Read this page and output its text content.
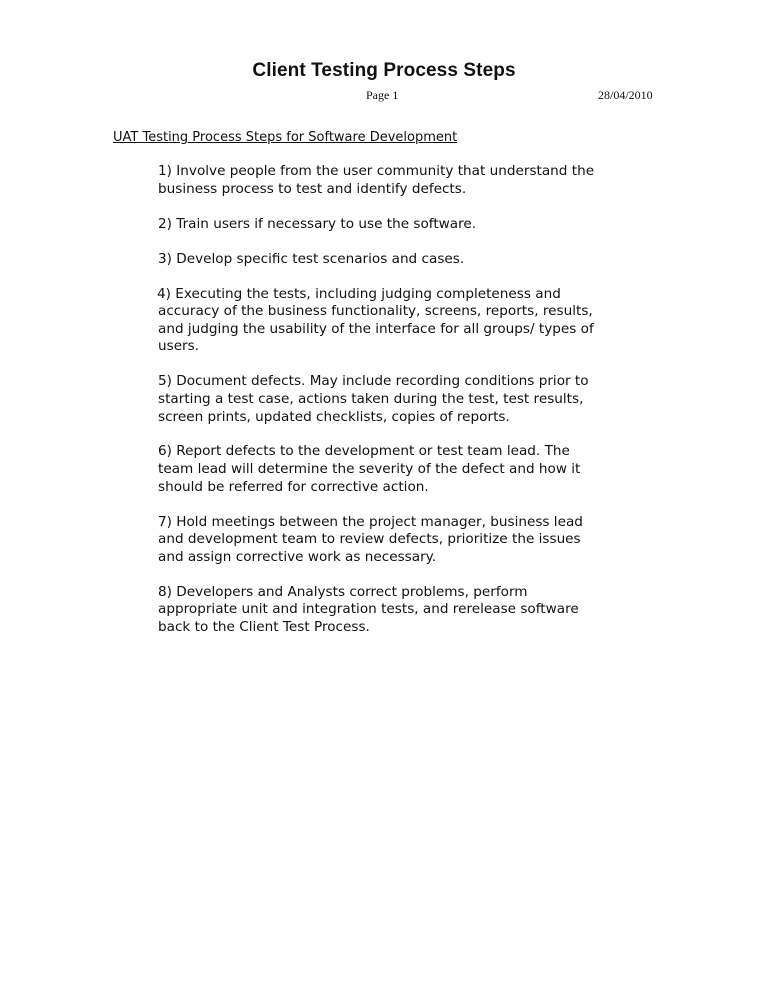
Client Testing Process Steps
Page 1	28/04/2010
UAT Testing Process Steps for Software Development
1) Involve people from the user community that understand the
business process to test and identify defects.
2) Train users if necessary to use the software.
3) Develop specific test scenarios and cases.
4) Executing the tests, including judging completeness and
accuracy of the business functionality, screens, reports, results,
and judging the usability of the interface for all groups/ types of
users.
5) Document defects. May include recording conditions prior to
starting a test case, actions taken during the test, test results,
screen prints, updated checklists, copies of reports.
6) Report defects to the development or test team lead. The
team lead will determine the severity of the defect and how it
should be referred for corrective action.
7) Hold meetings between the project manager, business lead
and development team to review defects, prioritize the issues
and assign corrective work as necessary.
8) Developers and Analysts correct problems, perform
appropriate unit and integration tests, and rerelease software
back to the Client Test Process.
